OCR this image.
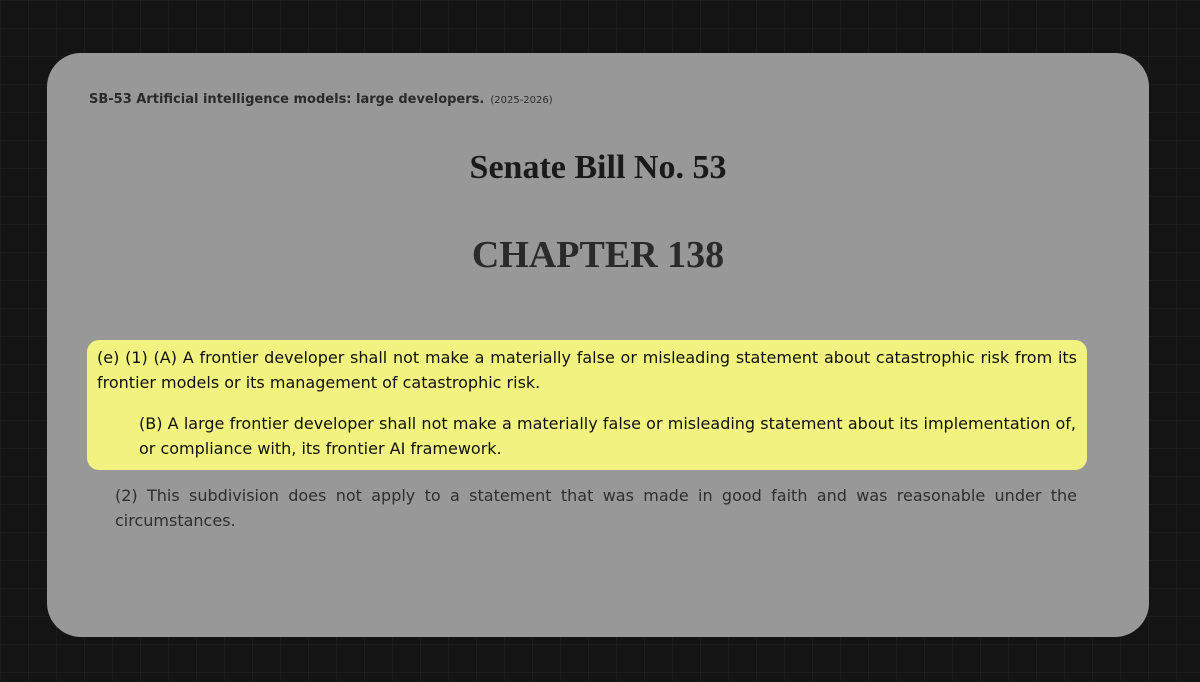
SB-53 Artificial intelligence models: large developers. (2025-2026)
Senate Bill No. 53
CHAPTER 138

(e) (1) (A) A frontier developer shall not make a materially false or misleading statement about catastrophic risk from its frontier models or its management of catastrophic risk.

(B) A large frontier developer shall not make a materially false or misleading statement about its implementation of, or compliance with, its frontier AI framework.

(2) This subdivision does not apply to a statement that was made in good faith and was reasonable under the circumstances.
